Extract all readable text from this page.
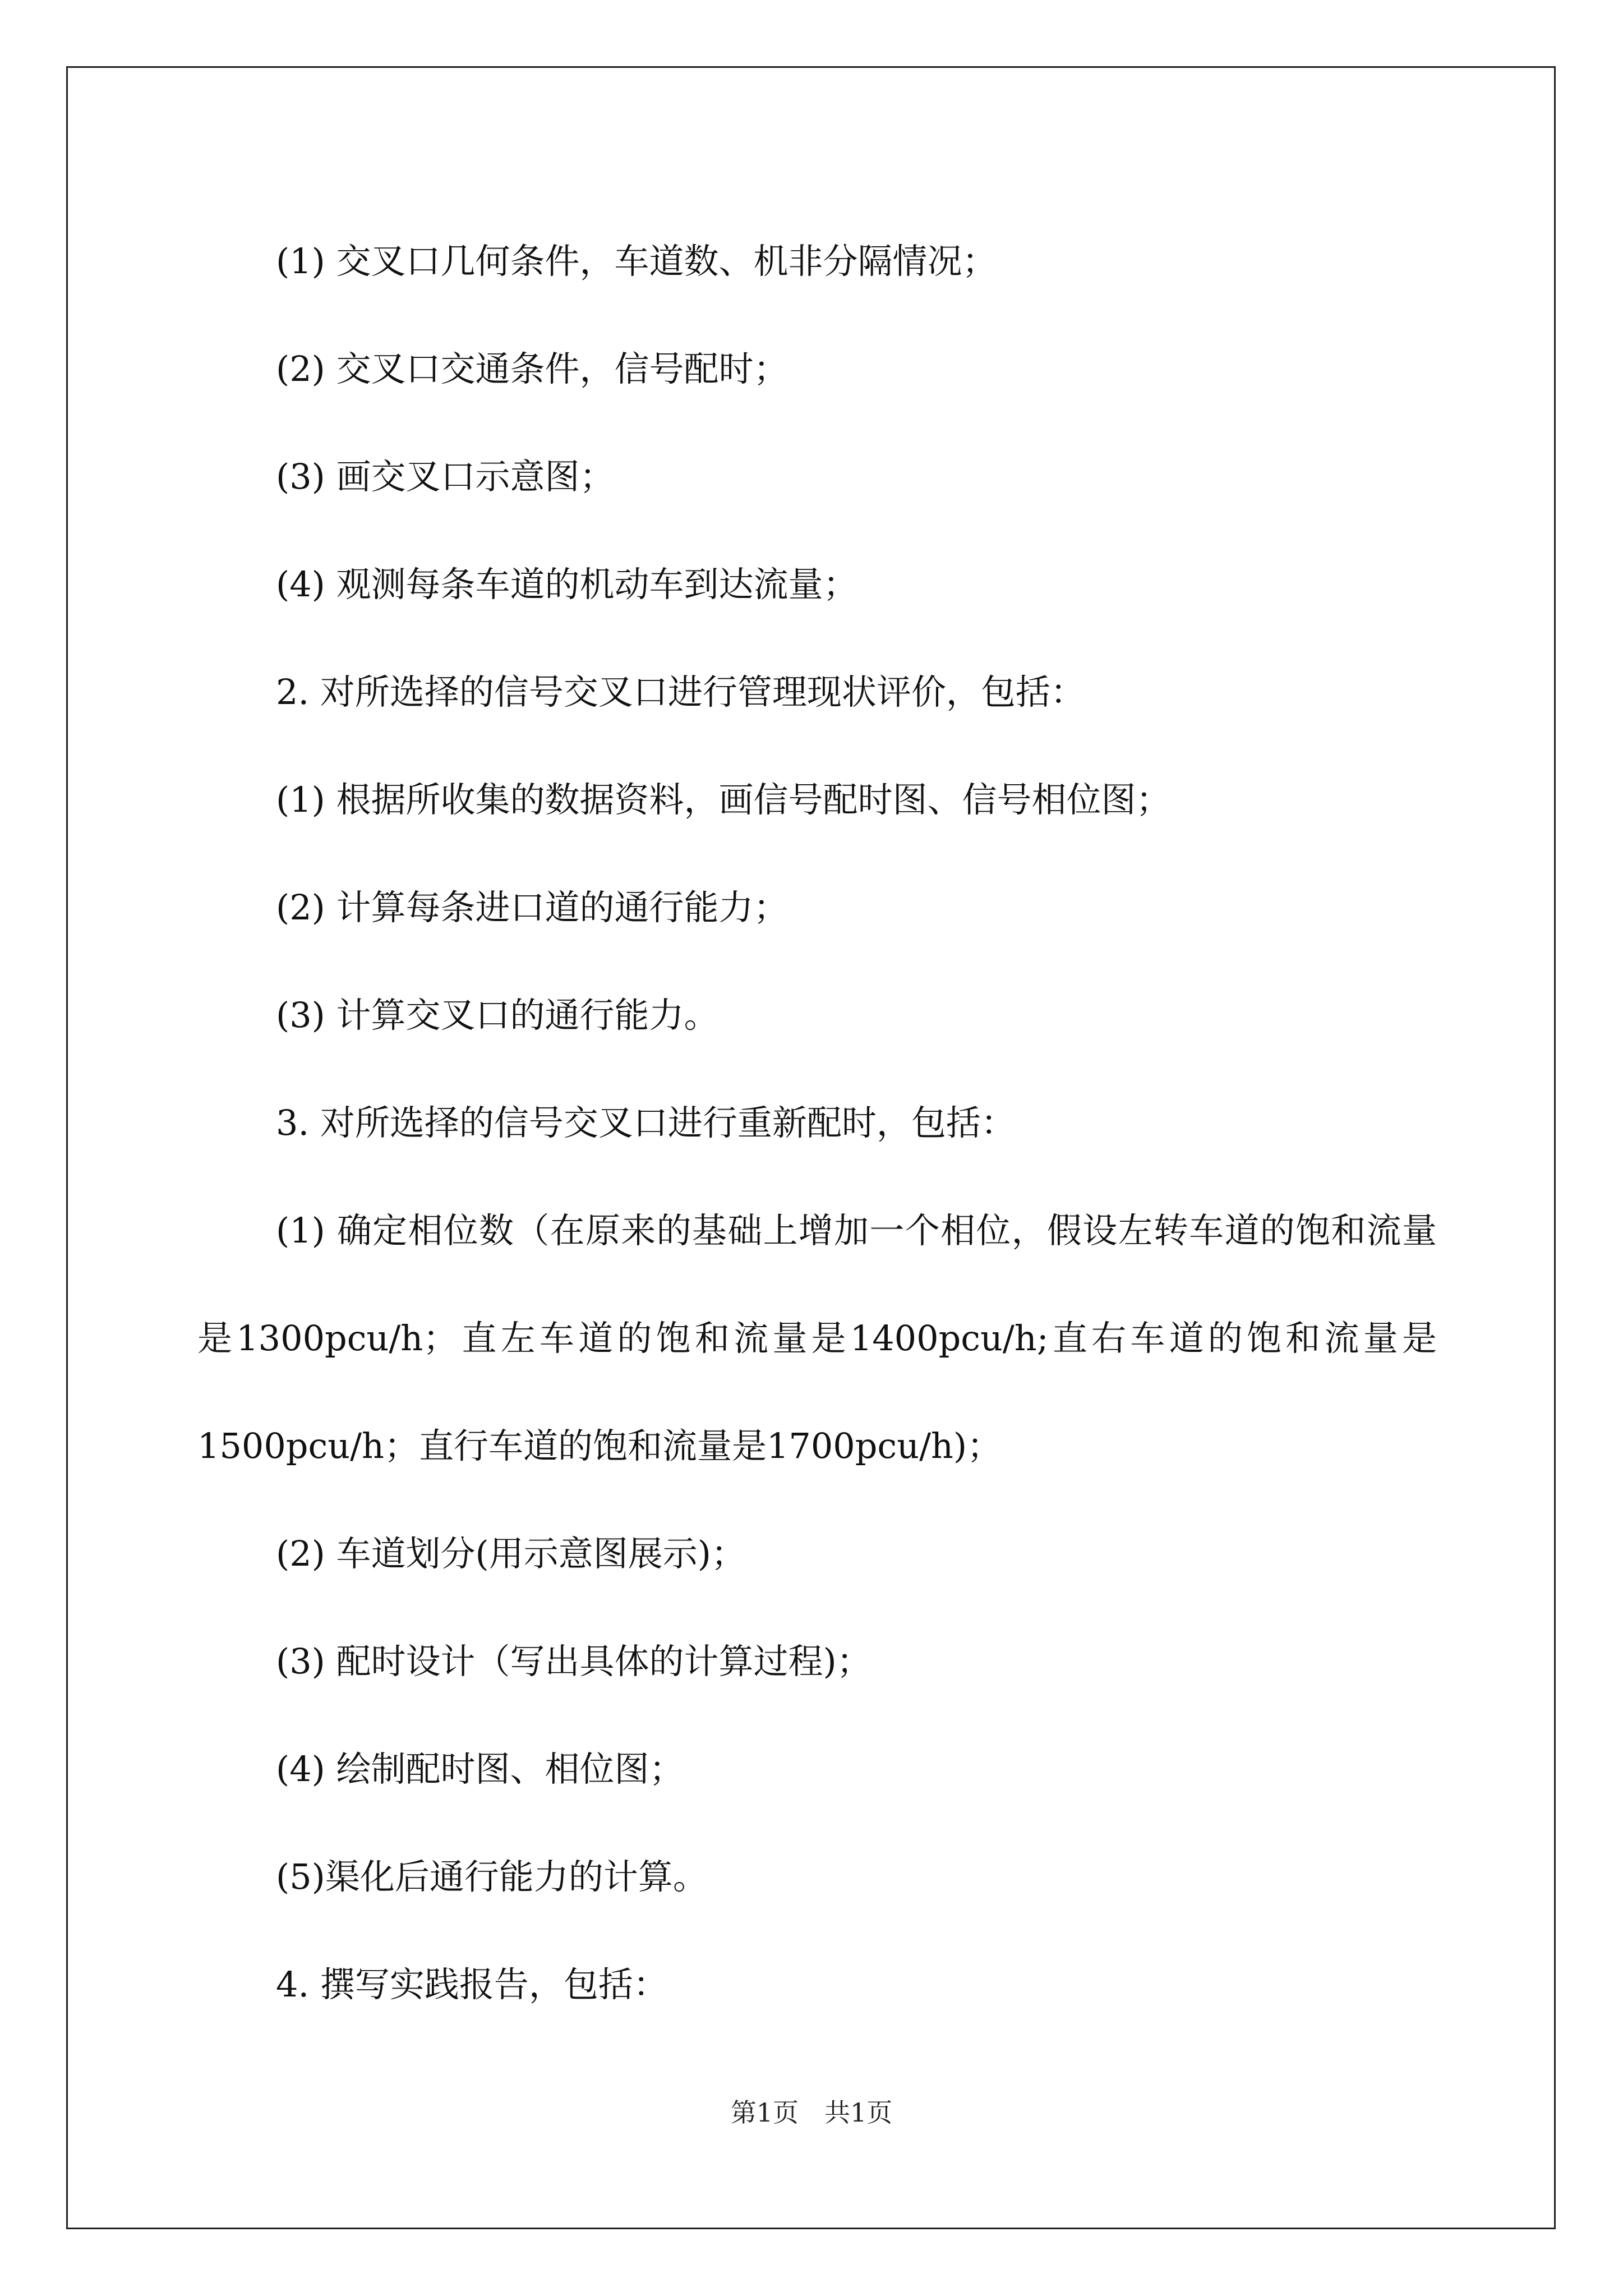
(1) 交叉口几何条件，车道数、机非分隔情况；

(2) 交叉口交通条件，信号配时；

(3) 画交叉口示意图；

(4) 观测每条车道的机动车到达流量；

2. 对所选择的信号交叉口进行管理现状评价，包括：

(1) 根据所收集的数据资料，画信号配时图、信号相位图；

(2) 计算每条进口道的通行能力；

(3) 计算交叉口的通行能力。

3. 对所选择的信号交叉口进行重新配时，包括：

(1) 确定相位数（在原来的基础上增加一个相位，假设左转车道的饱和流量是1300pcu/h；直左车道的饱和流量是1400pcu/h;直右车道的饱和流量是1500pcu/h；直行车道的饱和流量是1700pcu/h)；

(2) 车道划分(用示意图展示)；

(3) 配时设计（写出具体的计算过程)；

(4) 绘制配时图、相位图；

(5)渠化后通行能力的计算。

4. 撰写实践报告，包括：

第1页　共1页
